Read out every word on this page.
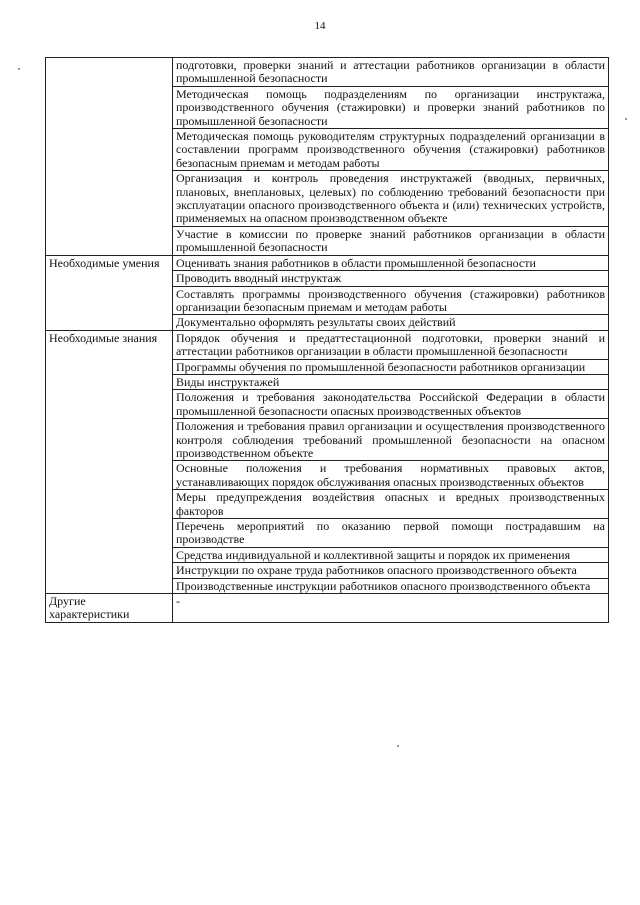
14
	подготовки, проверки знаний и аттестации работников организации в области промышленной безопасности
	Методическая помощь подразделениям по организации инструктажа, производственного обучения (стажировки) и проверки знаний работников по промышленной безопасности
	Методическая помощь руководителям структурных подразделений организации в составлении программ производственного обучения (стажировки) работников безопасным приемам и методам работы
	Организация и контроль проведения инструктажей (вводных, первичных, плановых, внеплановых, целевых) по соблюдению требований безопасности при эксплуатации опасного производственного объекта и (или) технических устройств, применяемых на опасном производственном объекте
	Участие в комиссии по проверке знаний работников организации в области промышленной безопасности
Необходимые умения	Оценивать знания работников в области промышленной безопасности
	Проводить вводный инструктаж
	Составлять программы производственного обучения (стажировки) работников организации безопасным приемам и методам работы
	Документально оформлять результаты своих действий
Необходимые знания	Порядок обучения и предаттестационной подготовки, проверки знаний и аттестации работников организации в области промышленной безопасности
	Программы обучения по промышленной безопасности работников организации
	Виды инструктажей
	Положения и требования законодательства Российской Федерации в области промышленной безопасности опасных производственных объектов
	Положения и требования правил организации и осуществления производственного контроля соблюдения требований промышленной безопасности на опасном производственном объекте
	Основные положения и требования нормативных правовых актов, устанавливающих порядок обслуживания опасных производственных объектов
	Меры предупреждения воздействия опасных и вредных производственных факторов
	Перечень мероприятий по оказанию первой помощи пострадавшим на производстве
	Средства индивидуальной и коллективной защиты и порядок их применения
	Инструкции по охране труда работников опасного производственного объекта
	Производственные инструкции работников опасного производственного объекта
Другие характеристики	-
